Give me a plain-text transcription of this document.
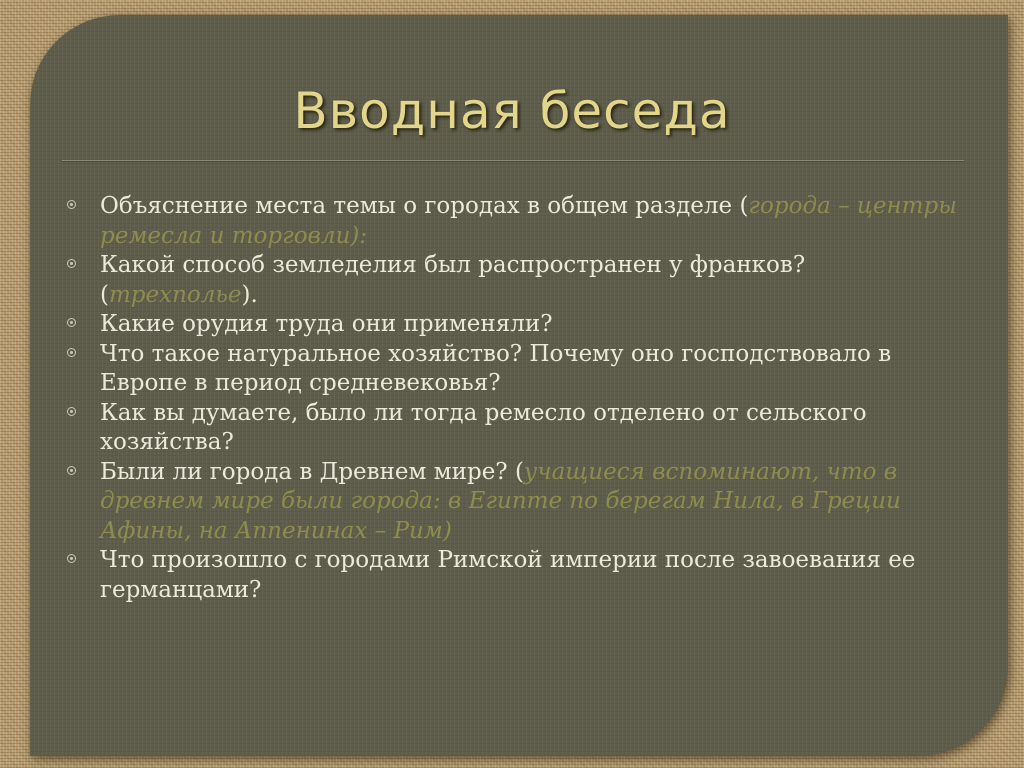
Вводная беседа
Объяснение места темы о городах в общем разделе (города – центры ремесла и торговли):
Какой способ земледелия был распространен у франков? (трехполье).
Какие орудия труда они применяли?
Что такое натуральное хозяйство? Почему оно господствовало в Европе в период средневековья?
Как вы думаете, было ли тогда ремесло отделено от сельского хозяйства?
Были ли города в Древнем мире? (учащиеся вспоминают, что в древнем мире были города: в Египте по берегам Нила, в Греции Афины, на Аппенинах – Рим)
Что произошло с городами Римской империи после завоевания ее германцами?
